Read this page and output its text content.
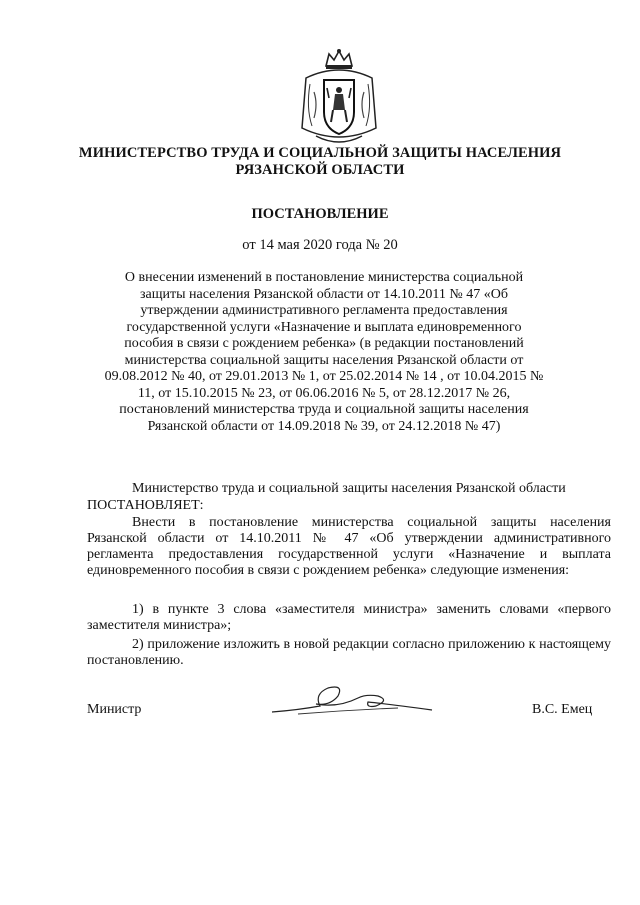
МИНИСТЕРСТВО ТРУДА И СОЦИАЛЬНОЙ ЗАЩИТЫ НАСЕЛЕНИЯ
РЯЗАНСКОЙ ОБЛАСТИ
ПОСТАНОВЛЕНИЕ
от 14 мая 2020 года № 20
О внесении изменений в постановление министерства социальной защиты населения Рязанской области от 14.10.2011 № 47 «Об утверждении административного регламента предоставления государственной услуги «Назначение и выплата единовременного пособия в связи с рождением ребенка» (в редакции постановлений министерства социальной защиты населения Рязанской области от 09.08.2012 № 40, от 29.01.2013 № 1, от 25.02.2014 № 14 , от 10.04.2015 № 11, от 15.10.2015 № 23, от 06.06.2016 № 5, от 28.12.2017 № 26, постановлений министерства труда и социальной защиты населения Рязанской области от 14.09.2018 № 39, от 24.12.2018 № 47)
Министерство труда и социальной защиты населения Рязанской области
ПОСТАНОВЛЯЕТ:
Внести в постановление министерства социальной защиты населения Рязанской области от 14.10.2011 № 47 «Об утверждении административного регламента предоставления государственной услуги «Назначение и выплата единовременного пособия в связи с рождением ребенка» следующие изменения:
1) в пункте 3 слова «заместителя министра» заменить словами «первого заместителя министра»;
2) приложение изложить в новой редакции согласно приложению к настоящему постановлению.
Министр	В.С. Емец
